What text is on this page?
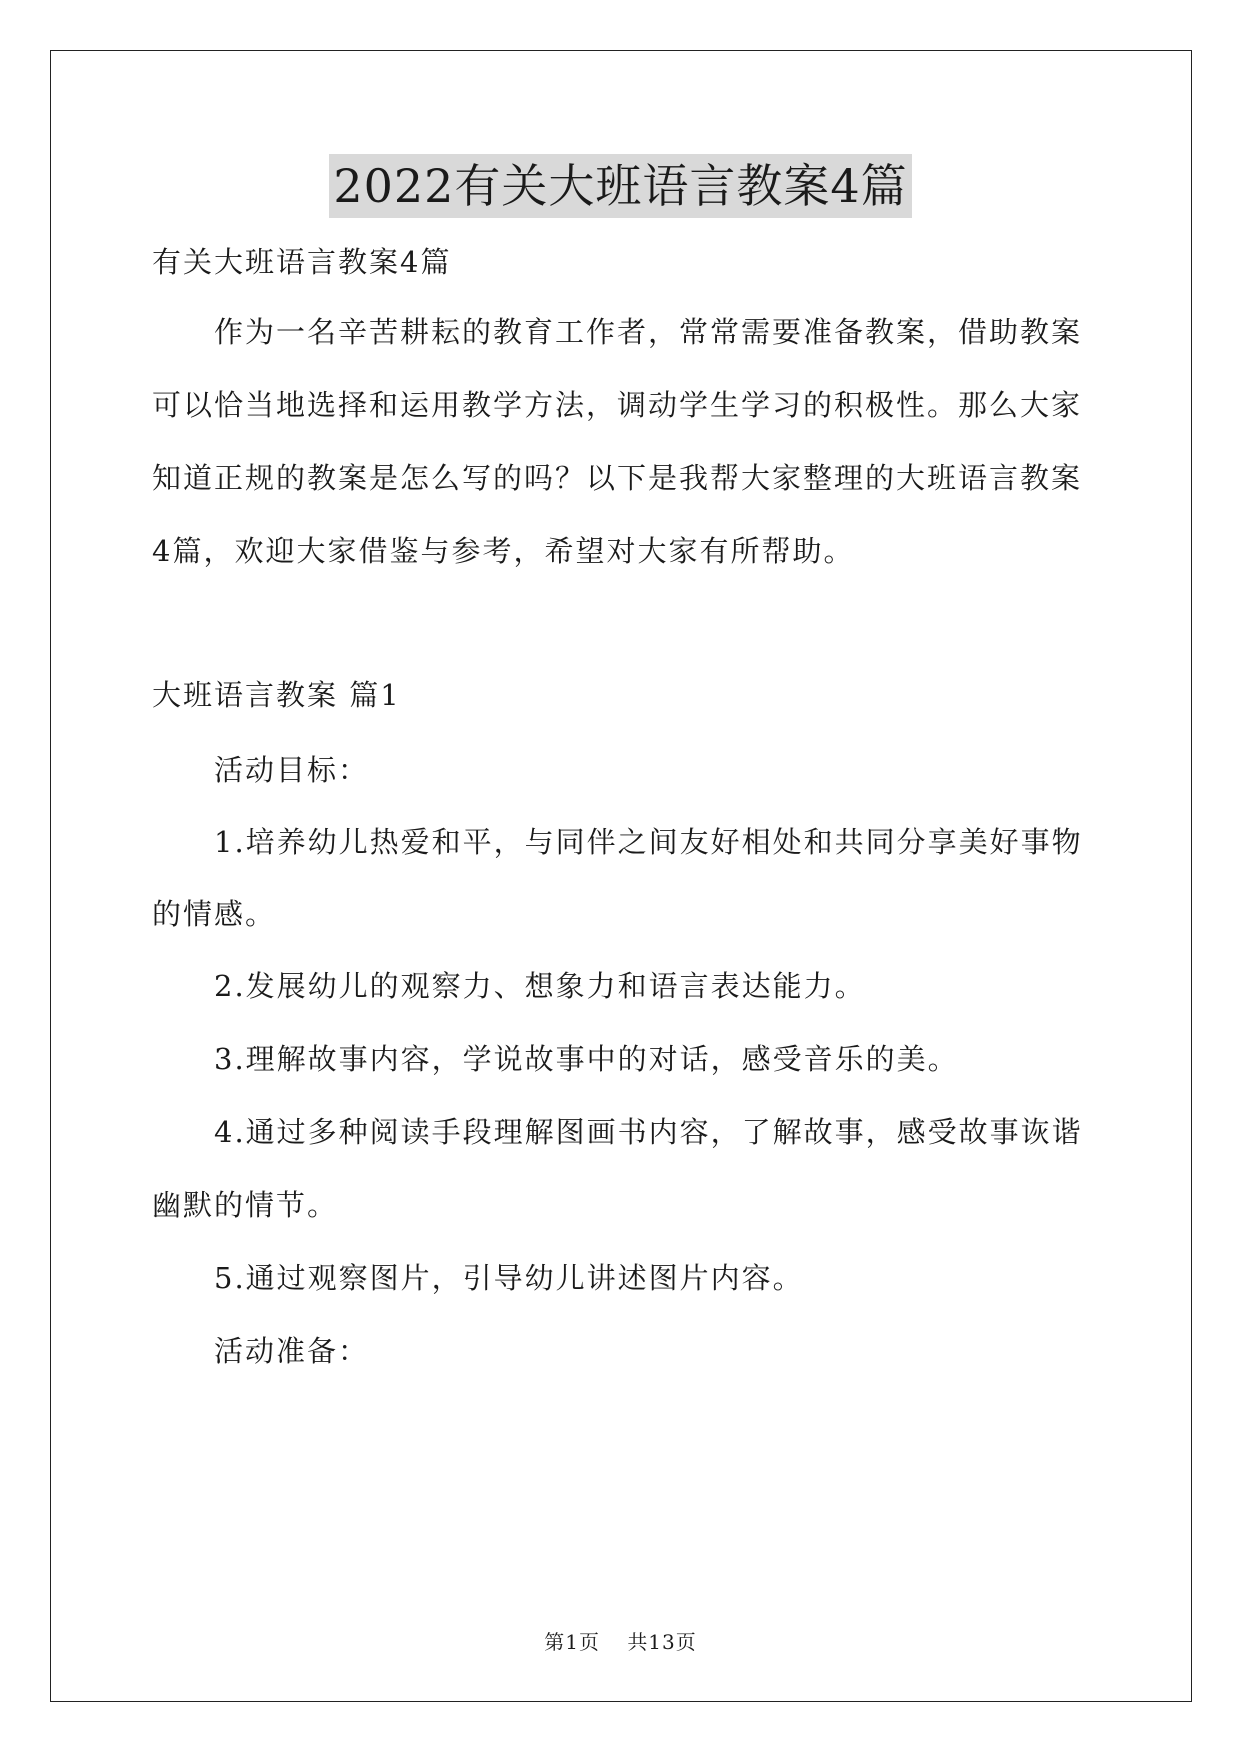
2022有关大班语言教案4篇
有关大班语言教案4篇
作为一名辛苦耕耘的教育工作者，常常需要准备教案，借助教案
可以恰当地选择和运用教学方法，调动学生学习的积极性。那么大家
知道正规的教案是怎么写的吗？以下是我帮大家整理的大班语言教案
4篇，欢迎大家借鉴与参考，希望对大家有所帮助。
大班语言教案 篇1
活动目标：
1.培养幼儿热爱和平，与同伴之间友好相处和共同分享美好事物
的情感。
2.发展幼儿的观察力、想象力和语言表达能力。
3.理解故事内容，学说故事中的对话，感受音乐的美。
4.通过多种阅读手段理解图画书内容，了解故事，感受故事诙谐
幽默的情节。
5.通过观察图片，引导幼儿讲述图片内容。
活动准备：
第1页 共13页
